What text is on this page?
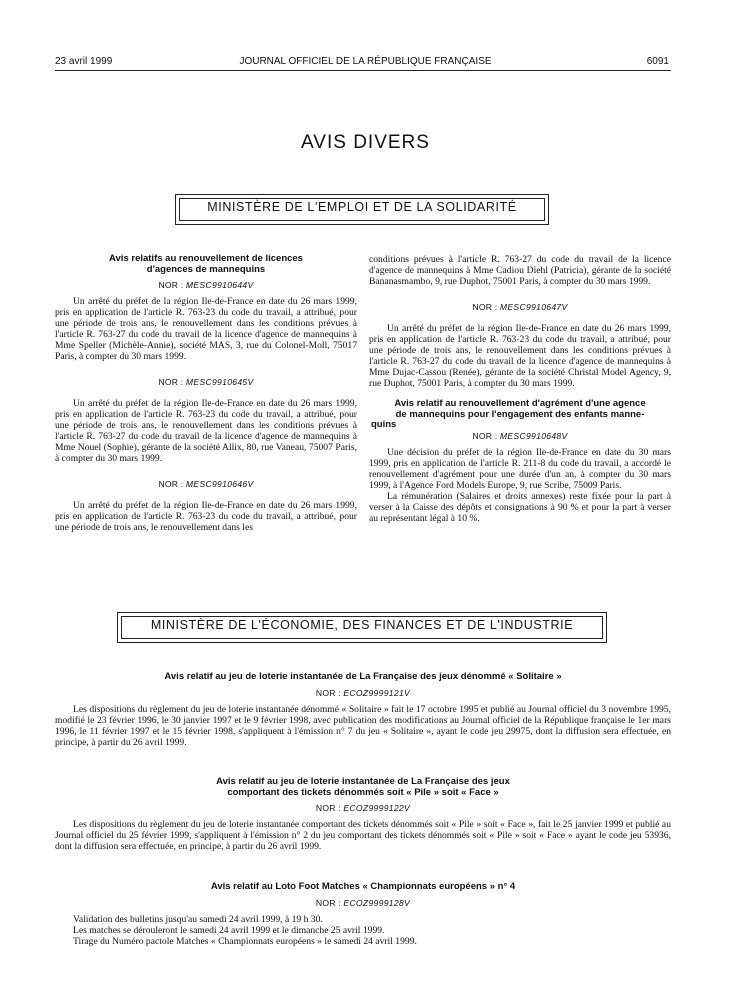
23 avril 1999	JOURNAL OFFICIEL DE LA RÉPUBLIQUE FRANÇAISE	6091
AVIS DIVERS
MINISTÈRE DE L'EMPLOI ET DE LA SOLIDARITÉ

Avis relatifs au renouvellement de licences

d'agences de mannequins

NOR : MESC9910644V

Un arrêté du préfet de la région Ile-de-France en date du 26 mars 1999, pris en application de l'article R. 763-23 du code du travail, a attribué, pour une période de trois ans, le renouvellement dans les conditions prévues à l'article R. 763-27 du code du travail de la licence d'agence de mannequins à Mme Speller (Michèle-Annie), société MAS, 3, rue du Colonel-Moll, 75017 Paris, à compter du 30 mars 1999.

NOR : MESC9910645V

Un arrêté du préfet de la région Ile-de-France en date du 26 mars 1999, pris en application de l'article R. 763-23 du code du travail, a attribué, pour une période de trois ans, le renouvellement dans les conditions prévues à l'article R. 763-27 du code du travail de la licence d'agence de mannequins à Mme Nouel (Sophie), gérante de la société Allix, 80, rue Vaneau, 75007 Paris, à compter du 30 mars 1999.

NOR : MESC9910646V

Un arrêté du préfet de la région Ile-de-France en date du 26 mars 1999, pris en application de l'article R. 763-23 du code du travail, a attribué, pour une période de trois ans, le renouvellement dans les

conditions prévues à l'article R. 763-27 du code du travail de la licence d'agence de mannequins à Mme Cadiou Diehl (Patricia), gérante de la société Bananasmambo, 9, rue Duphot, 75001 Paris, à compter du 30 mars 1999.

NOR : MESC9910647V

Un arrêté du préfet de la région Ile-de-France en date du 26 mars 1999, pris en application de l'article R. 763-23 du code du travail, a attribué, pour une période de trois ans, le renouvellement dans les conditions prévues à l'article R. 763-27 du code du travail de la licence d'agence de mannequins à Mme Dujac-Cassou (Renée), gérante de la société Christal Model Agency, 9, rue Duphot, 75001 Paris, à compter du 30 mars 1999.

Avis relatif au renouvellement d'agrément d'une agence

de mannequins pour l'engagement des enfants manne-

quins

NOR : MESC9910648V

Une décision du préfet de la région Ile-de-France en date du 30 mars 1999, pris en application de l'article R. 211-8 du code du travail, a accordé le renouvellement d'agrément pour une durée d'un an, à compter du 30 mars 1999, à l'Agence Ford Models Europe, 9, rue Scribe, 75009 Paris.

La rémunération (Salaires et droits annexes) reste fixée pour la part à verser à la Caisse des dépôts et consignations à 90 % et pour la part à verser au représentant légal à 10 %.

MINISTÈRE DE L'ÉCONOMIE, DES FINANCES ET DE L'INDUSTRIE

Avis relatif au jeu de loterie instantanée de La Française des jeux dénommé « Solitaire »

NOR : ECOZ9999121V

Les dispositions du règlement du jeu de loterie instantanée dénommé « Solitaire » fait le 17 octobre 1995 et publié au Journal officiel du 3 novembre 1995, modifié le 23 février 1996, le 30 janvier 1997 et le 9 février 1998, avec publication des modifications au Journal officiel de la République française le 1er mars 1996, le 11 février 1997 et le 15 février 1998, s'appliquent à l'émission n° 7 du jeu « Solitaire », ayant le code jeu 29975, dont la diffusion sera effectuée, en principe, à partir du 26 avril 1999.

Avis relatif au jeu de loterie instantanée de La Française des jeux

comportant des tickets dénommés soit « Pile » soit « Face »

NOR : ECOZ9999122V

Les dispositions du règlement du jeu de loterie instantanée comportant des tickets dénommés soit « Pile » soit « Face », fait le 25 janvier 1999 et publié au Journal officiel du 25 février 1999, s'appliquent à l'émission n° 2 du jeu comportant des tickets dénommés soit « Pile » soit « Face » ayant le code jeu 53936, dont la diffusion sera effectuée, en principe, à partir du 26 avril 1999.

Avis relatif au Loto Foot Matches « Championnats européens » n° 4

NOR : ECOZ9999128V

Validation des bulletins jusqu'au samedi 24 avril 1999, à 19 h 30.

Les matches se dérouleront le samedi 24 avril 1999 et le dimanche 25 avril 1999.

Tirage du Numéro pactole Matches « Championnats européens » le samedi 24 avril 1999.
